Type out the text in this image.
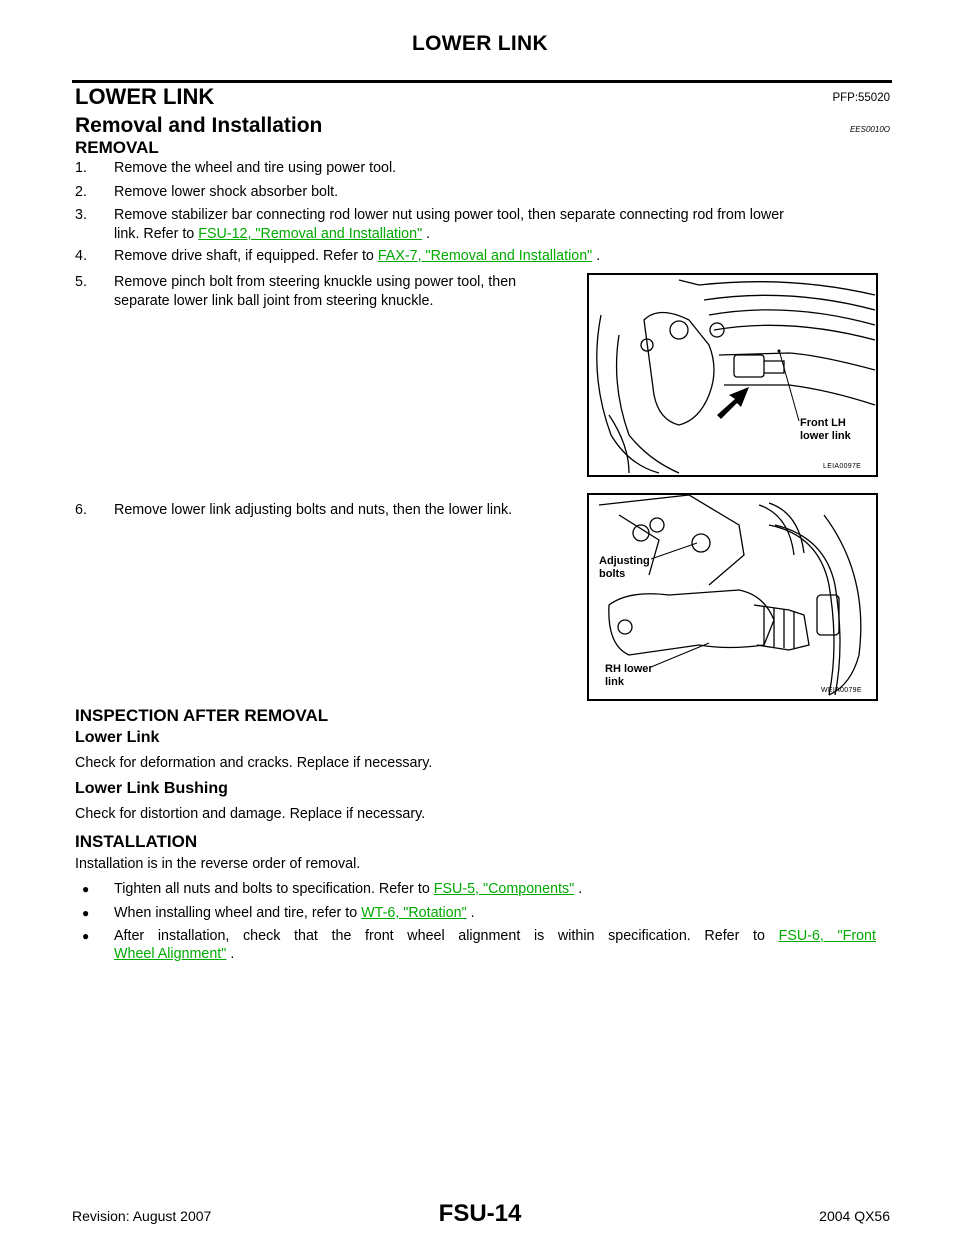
LOWER LINK
LOWER LINK	PFP:55020
Removal and Installation	EES0010O
REMOVAL
1.	Remove the wheel and tire using power tool.
2.	Remove lower shock absorber bolt.
3.	Remove stabilizer bar connecting rod lower nut using power tool, then separate connecting rod from lower
link. Refer to FSU-12, "Removal and Installation" .
4.	Remove drive shaft, if equipped. Refer to FAX-7, "Removal and Installation" .
5.	Remove pinch bolt from steering knuckle using power tool, then
separate lower link ball joint from steering knuckle.
Front LH
lower link
LEIA0097E
6.	Remove lower link adjusting bolts and nuts, then the lower link.
Adjusting
bolts
RH lower
link
WEIA0079E
INSPECTION AFTER REMOVAL
Lower Link
Check for deformation and cracks. Replace if necessary.
Lower Link Bushing
Check for distortion and damage. Replace if necessary.
INSTALLATION
Installation is in the reverse order of removal.
● Tighten all nuts and bolts to specification. Refer to FSU-5, "Components" .
● When installing wheel and tire, refer to WT-6, "Rotation" .
● After installation, check that the front wheel alignment is within specification. Refer to FSU-6, "Front
Wheel Alignment" .
Revision: August 2007	FSU-14	2004 QX56
